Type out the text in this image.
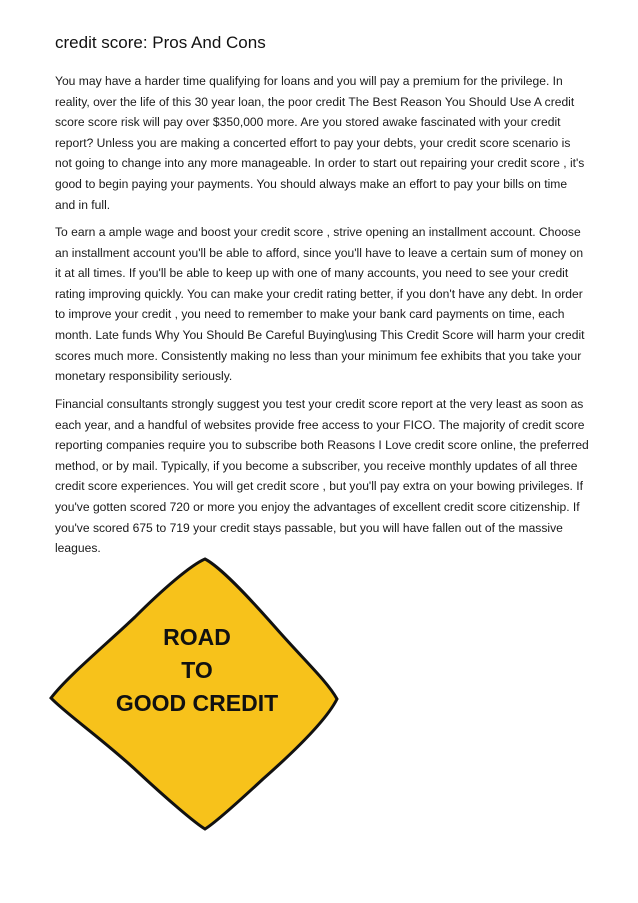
credit score: Pros And Cons

You may have a harder time qualifying for loans and you will pay a premium for the privilege. In reality, over the life of this 30 year loan, the poor credit The Best Reason You Should Use A credit score score risk will pay over $350,000 more. Are you stored awake fascinated with your credit report? Unless you are making a concerted effort to pay your debts, your credit score scenario is not going to change into any more manageable. In order to start out repairing your credit score , it's good to begin paying your payments. You should always make an effort to pay your bills on time and in full.

To earn a ample wage and boost your credit score , strive opening an installment account. Choose an installment account you'll be able to afford, since you'll have to leave a certain sum of money on it at all times. If you'll be able to keep up with one of many accounts, you need to see your credit rating improving quickly. You can make your credit rating better, if you don't have any debt. In order to improve your credit , you need to remember to make your bank card payments on time, each month. Late funds Why You Should Be Careful Buying\using This Credit Score will harm your credit scores much more. Consistently making no less than your minimum fee exhibits that you take your monetary responsibility seriously.

Financial consultants strongly suggest you test your credit score report at the very least as soon as each year, and a handful of websites provide free access to your FICO. The majority of credit score reporting companies require you to subscribe both Reasons I Love credit score online, the preferred method, or by mail. Typically, if you become a subscriber, you receive monthly updates of all three credit score experiences. You will get credit score , but you'll pay extra on your bowing privileges. If you've gotten scored 720 or more you enjoy the advantages of excellent credit score citizenship. If you've scored 675 to 719 your credit stays passable, but you will have fallen out of the massive leagues.

ROAD
TO
GOOD CREDIT
